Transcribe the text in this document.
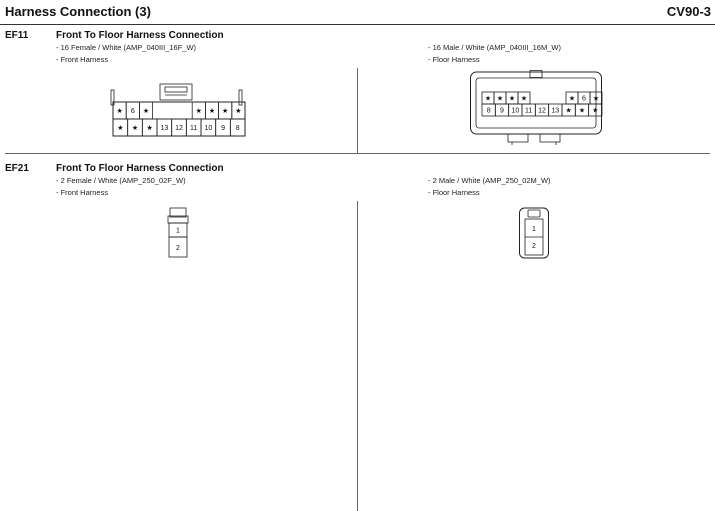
Harness Connection (3)	CV90-3
EF11	Front To Floor Harness Connection
- 16 Female / White (AMP_040III_16F_W)
- Front Harness
- 16 Male / White (AMP_040III_16M_W)
- Floor Harness
★ 6 ★	★ ★ ★ ★
★ ★ ★ 13 12 11 10 9 8
★ ★ ★ ★	★ 6 ★
8 9 10 11 12 13 ★ ★ ★
EF21	Front To Floor Harness Connection
- 2 Female / White (AMP_250_02F_W)
- Front Harness
- 2 Male / White (AMP_250_02M_W)
- Floor Harness
1
2
1
2
